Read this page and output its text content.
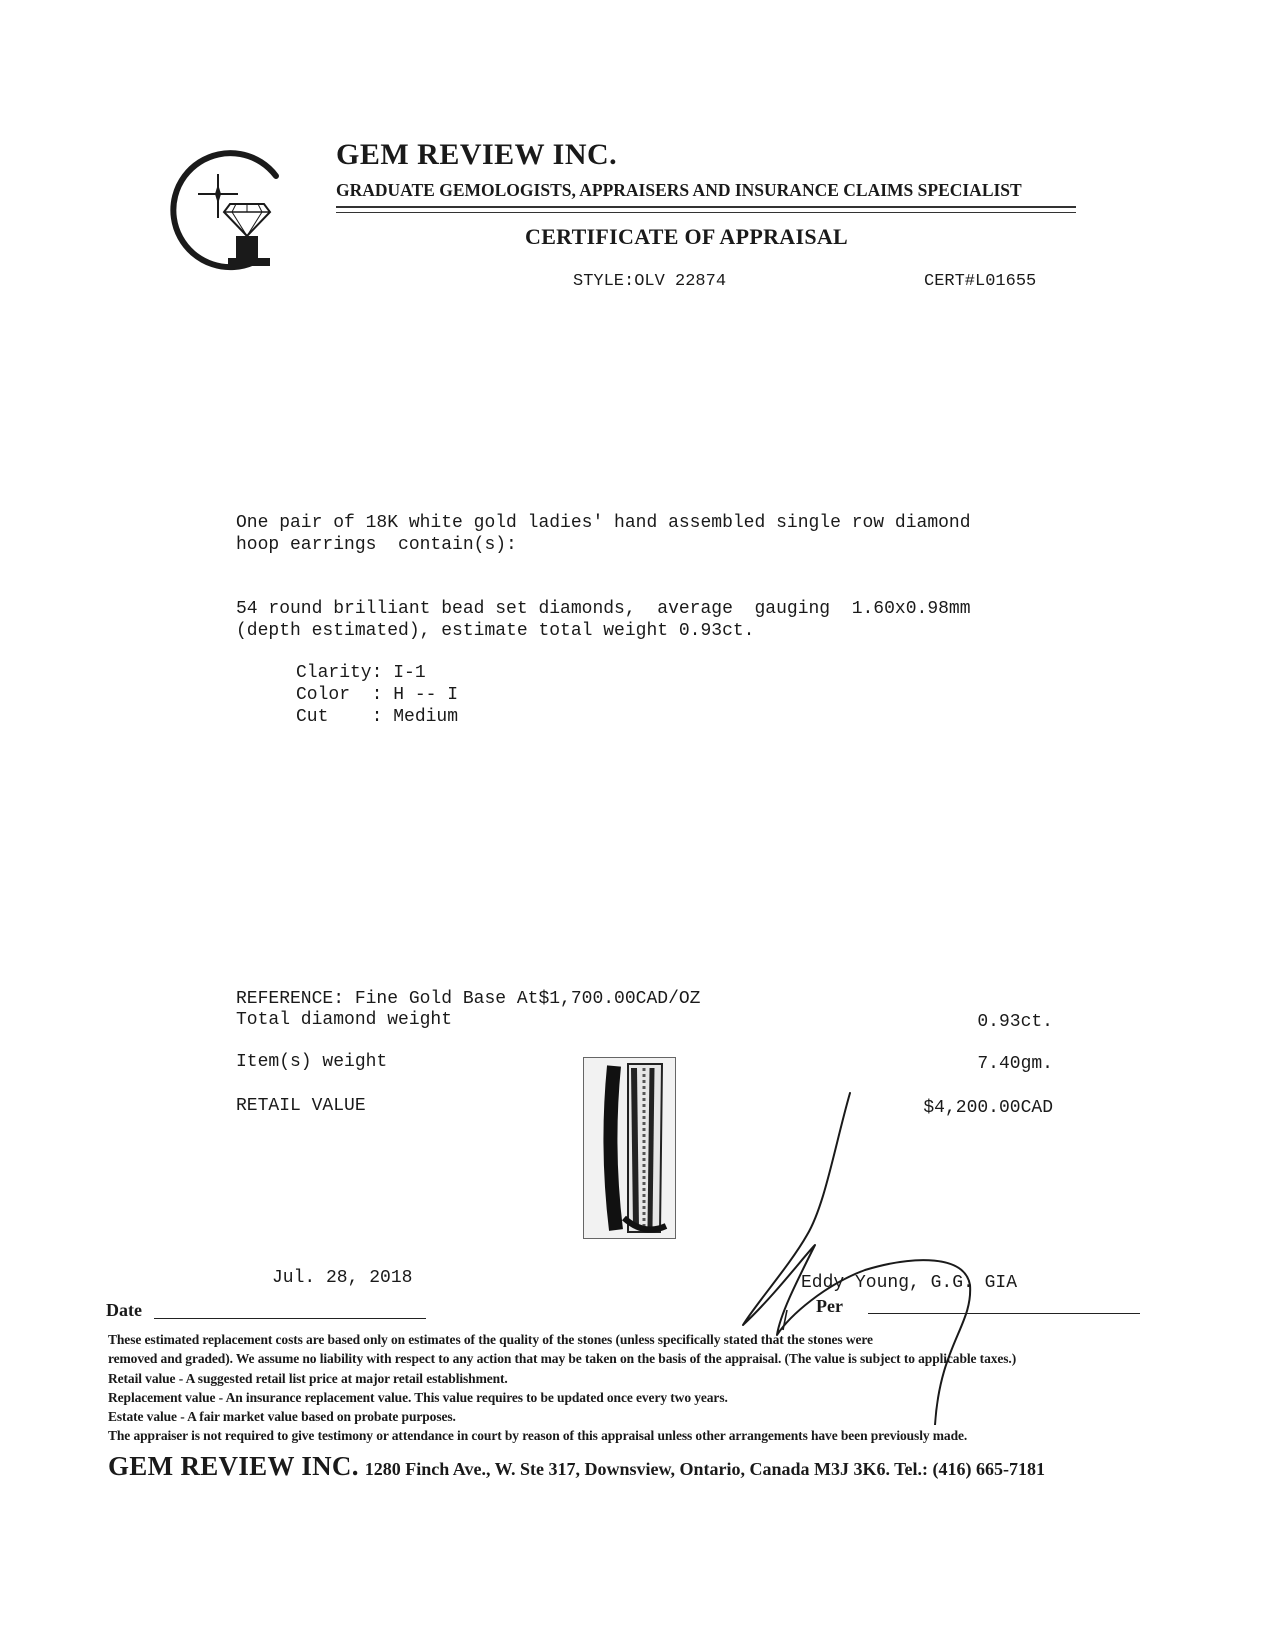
GEM REVIEW INC.
GRADUATE GEMOLOGISTS, APPRAISERS AND INSURANCE CLAIMS SPECIALIST
CERTIFICATE OF APPRAISAL
STYLE:OLV 22874	CERT#L01655
One pair of 18K white gold ladies' hand assembled single row diamond
hoop earrings  contain(s):
54 round brilliant bead set diamonds,  average  gauging  1.60x0.98mm
(depth estimated), estimate total weight 0.93ct.
Clarity: I-1
Color  : H -- I
Cut    : Medium
REFERENCE: Fine Gold Base At$1,700.00CAD/OZ
Total diamond weight	0.93ct.
Item(s) weight	7.40gm.
RETAIL VALUE	$4,200.00CAD
Jul. 28, 2018
Date
Eddy Young, G.G. GIA
Per
These estimated replacement costs are based only on estimates of the quality of the stones (unless specifically stated that the stones were
removed and graded). We assume no liability with respect to any action that may be taken on the basis of the appraisal. (The value is subject to applicable taxes.)
Retail value - A suggested retail list price at major retail establishment.
Replacement value - An insurance replacement value. This value requires to be updated once every two years.
Estate value - A fair market value based on probate purposes.
The appraiser is not required to give testimony or attendance in court by reason of this appraisal unless other arrangements have been previously made.
GEM REVIEW INC. 1280 Finch Ave., W. Ste 317, Downsview, Ontario, Canada M3J 3K6. Tel.: (416) 665-7181
